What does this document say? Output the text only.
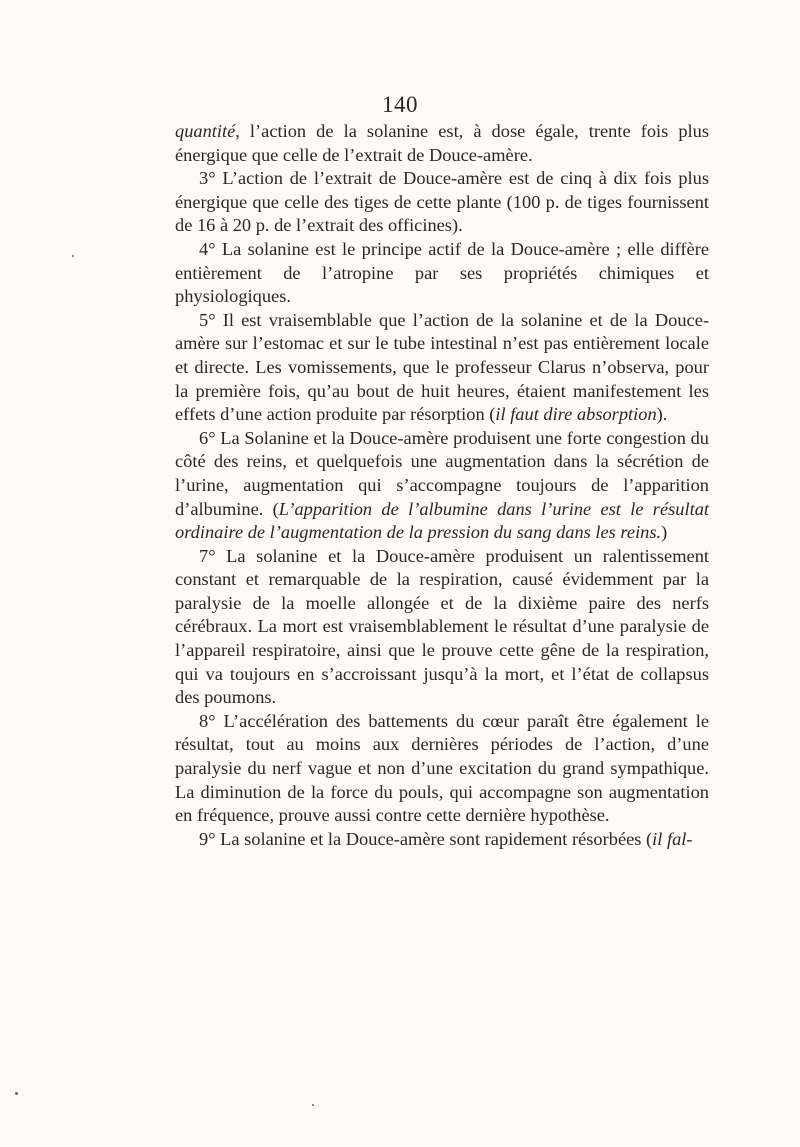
140

quantité, l’action de la solanine est, à dose égale, trente fois plus énergique que celle de l’extrait de Douce-amère.

3° L’action de l’extrait de Douce-amère est de cinq à dix fois plus énergique que celle des tiges de cette plante (100 p. de tiges fournissent de 16 à 20 p. de l’extrait des officines).

4° La solanine est le principe actif de la Douce-amère ; elle diffère entièrement de l’atropine par ses propriétés chimiques et physiologiques.

5° Il est vraisemblable que l’action de la solanine et de la Douce-amère sur l’estomac et sur le tube intestinal n’est pas entièrement locale et directe. Les vomissements, que le professeur Clarus n’observa, pour la première fois, qu’au bout de huit heures, étaient manifestement les effets d’une action produite par résorption (il faut dire absorption).

6° La Solanine et la Douce-amère produisent une forte congestion du côté des reins, et quelquefois une augmentation dans la sécrétion de l’urine, augmentation qui s’accompagne toujours de l’apparition d’albumine. (L’apparition de l’albumine dans l’urine est le résultat ordinaire de l’augmentation de la pression du sang dans les reins.)

7° La solanine et la Douce-amère produisent un ralentissement constant et remarquable de la respiration, causé évidemment par la paralysie de la moelle allongée et de la dixième paire des nerfs cérébraux. La mort est vraisemblablement le résultat d’une paralysie de l’appareil respiratoire, ainsi que le prouve cette gêne de la respiration, qui va toujours en s’accroissant jusqu’à la mort, et l’état de collapsus des poumons.

8° L’accélération des battements du cœur paraît être également le résultat, tout au moins aux dernières périodes de l’action, d’une paralysie du nerf vague et non d’une excitation du grand sympathique. La diminution de la force du pouls, qui accompagne son augmentation en fréquence, prouve aussi contre cette dernière hypothèse.

9° La solanine et la Douce-amère sont rapidement résorbées (il fal-
